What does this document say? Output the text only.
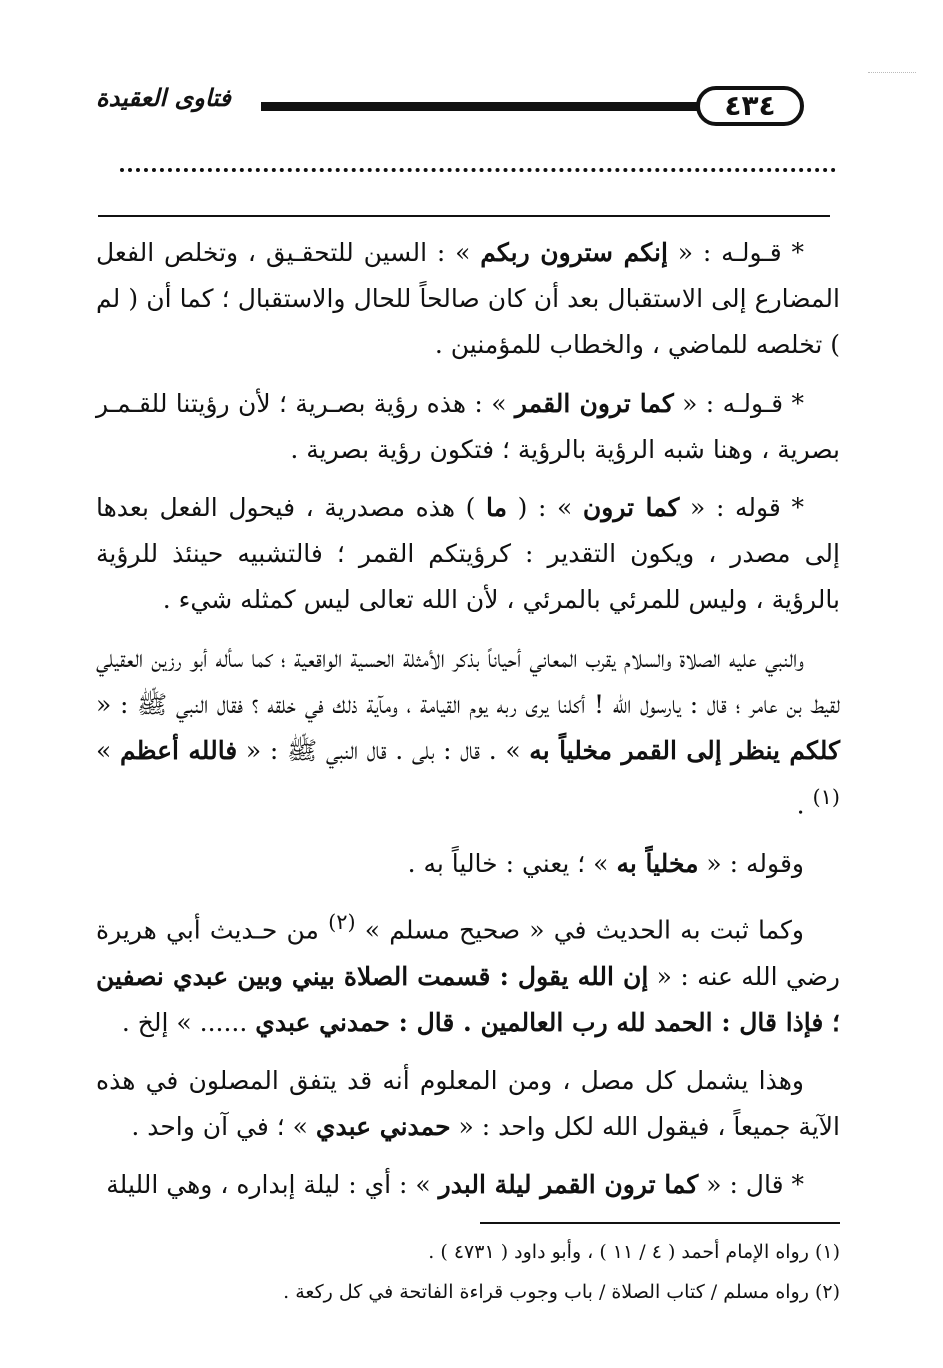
فتاوى العقيدة	٤٣٤

* قـولـه : « إنكم سترون ربكم » : السين للتحقـيق ، وتخلص الفعل المضارع إلى الاستقبال بعد أن كان صالحاً للحال والاستقبال ؛ كما أن ( لم ) تخلصه للماضي ، والخطاب للمؤمنين .

* قـولـه : « كما ترون القمر » : هذه رؤية بصـرية ؛ لأن رؤيتنا للقـمـر بصرية ، وهنا شبه الرؤية بالرؤية ؛ فتكون رؤية بصرية .

* قوله : « كما ترون » : ( ما ) هذه مصدرية ، فيحول الفعل بعدها إلى مصدر ، ويكون التقدير : كرؤيتكم القمر ؛ فالتشبيه حينئذ للرؤية بالرؤية ، وليس للمرئي بالمرئي ، لأن الله تعالى ليس كمثله شيء .

والنبي عليه الصلاة والسلام يقرب المعاني أحياناً بذكر الأمثلة الحسية الواقعية ؛ كما سأله أبو رزين العقيلي لقيط بن عامر ؛ قال : يارسول الله ! أكلنا يرى ربه يوم القيامة ، ومآية ذلك في خلقه ؟ فقال النبي ﷺ : « كلكم ينظر إلى القمر مخلياً به » . قال : بلى . قال النبي ﷺ : « فالله أعظم » $^{(١)}$ .

وقوله : « مخلياً به » ؛ يعني : خالياً به .

وكما ثبت به الحديث في « صحيح مسلم » $^{(٢)}$ من حـديث أبي هريرة رضي الله عنه : « إن الله يقول : قسمت الصلاة بيني وبين عبدي نصفين ؛ فإذا قال : الحمد لله رب العالمين . قال : حمدني عبدي ...... » إلخ .

وهذا يشمل كل مصل ، ومن المعلوم أنه قد يتفق المصلون في هذه الآية جميعاً ، فيقول الله لكل واحد : « حمدني عبدي » ؛ في آن واحد .

* قال : « كما ترون القمر ليلة البدر » : أي : ليلة إبداره ، وهي الليلة

(١) رواه الإمام أحمد ( ٤ / ١١ ) ، وأبو داود ( ٤٧٣١ ) .

(٢) رواه مسلم / كتاب الصلاة / باب وجوب قراءة الفاتحة في كل ركعة .
